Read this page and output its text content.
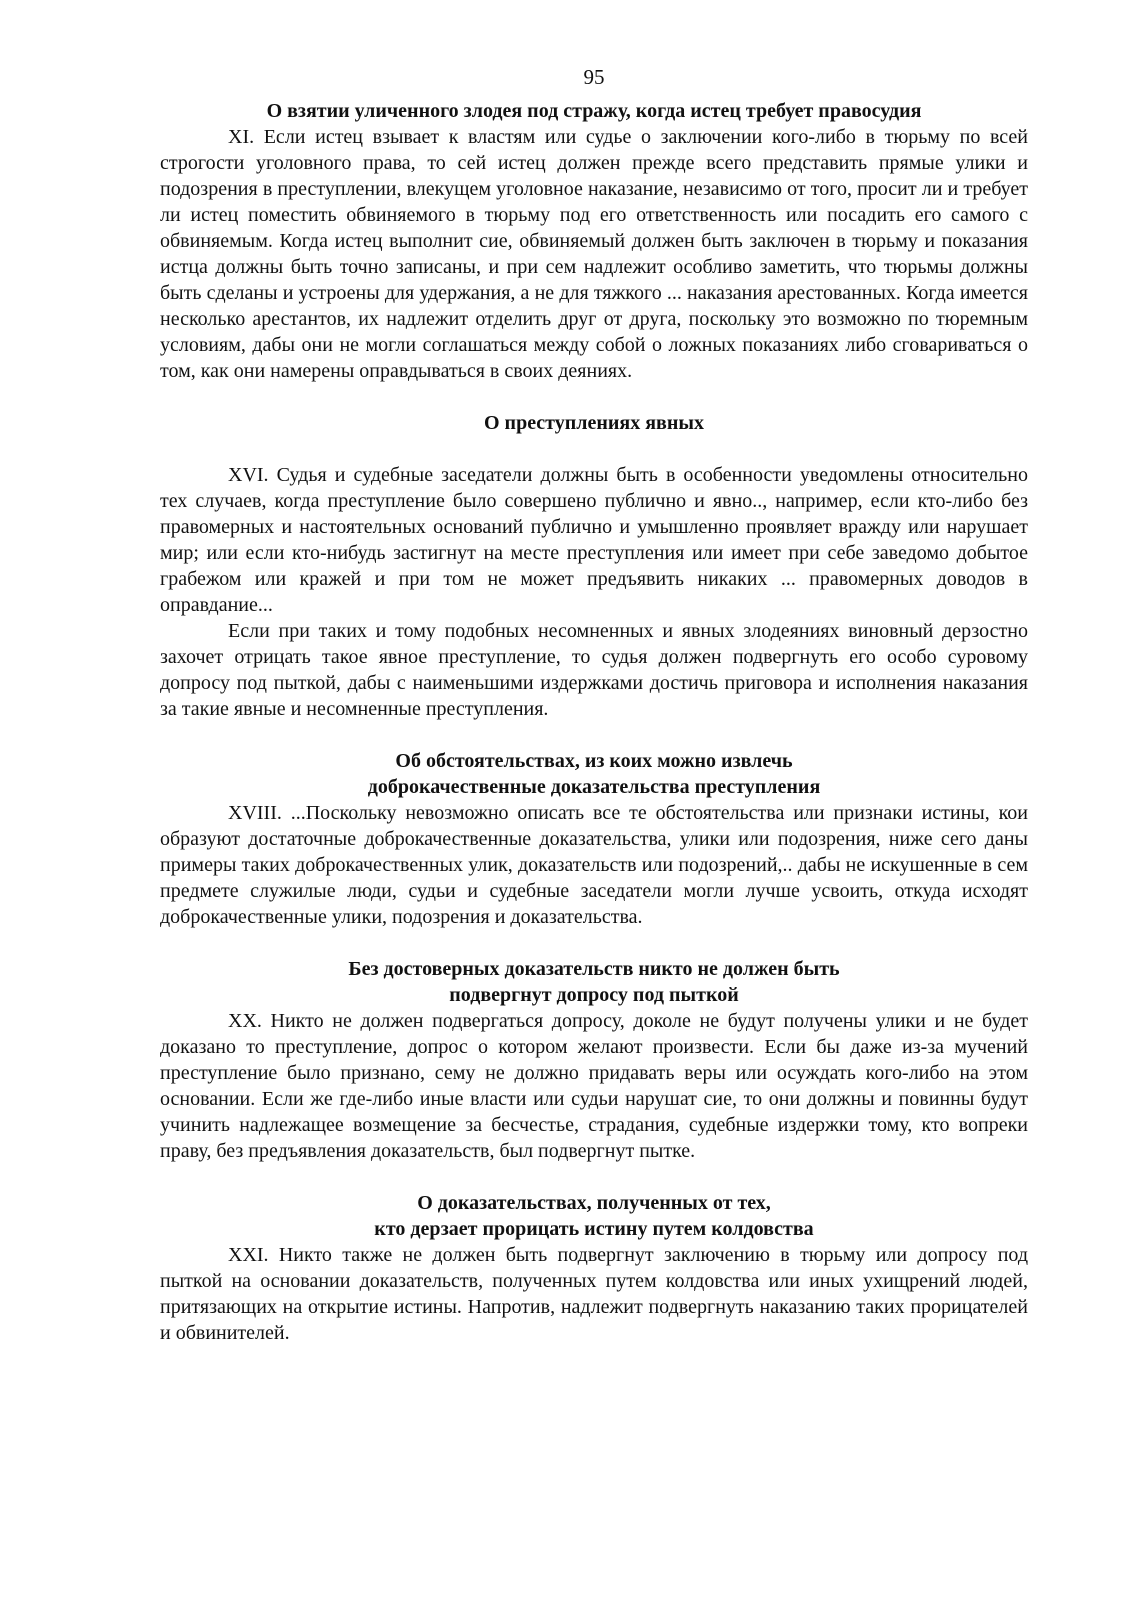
95
О взятии уличенного злодея под стражу, когда истец требует правосудия

XI. Если истец взывает к властям или судье о заключении кого-либо в тюрьму по всей строгости уголовного права, то сей истец должен прежде всего представить прямые улики и подозрения в преступлении, влекущем уголовное наказание, независимо от того, просит ли и требует ли истец поместить обвиняемого в тюрьму под его ответственность или посадить его самого с обвиняемым. Когда истец выполнит сие, обвиняемый должен быть заключен в тюрьму и показания истца должны быть точно записаны, и при сем надлежит особливо заметить, что тюрьмы должны быть сделаны и устроены для удержания, а не для тяжкого ... наказания арестованных. Когда имеется несколько арестантов, их надлежит отделить друг от друга, поскольку это возможно по тюремным условиям, дабы они не могли соглашаться между собой о ложных показаниях либо сговариваться о том, как они намерены оправдываться в своих деяниях.

О преступлениях явных

XVI. Судья и судебные заседатели должны быть в особенности уведомлены относительно тех случаев, когда преступление было совершено публично и явно.., например, если кто-либо без правомерных и настоятельных оснований публично и умышленно проявляет вражду или нарушает мир; или если кто-нибудь застигнут на месте преступления или имеет при себе заведомо добытое грабежом или кражей и при том не может предъявить никаких ... правомерных доводов в оправдание...

Если при таких и тому подобных несомненных и явных злодеяниях виновный дерзостно захочет отрицать такое явное преступление, то судья должен подвергнуть его особо суровому допросу под пыткой, дабы с наименьшими издержками достичь приговора и исполнения наказания за такие явные и несомненные преступления.

Об обстоятельствах, из коих можно извлечь
доброкачественные доказательства преступления

XVIII. ...Поскольку невозможно описать все те обстоятельства или признаки истины, кои образуют достаточные доброкачественные доказательства, улики или подозрения, ниже сего даны примеры таких доброкачественных улик, доказательств или подозрений,.. дабы не искушенные в сем предмете служилые люди, судьи и судебные заседатели могли лучше усвоить, откуда исходят доброкачественные улики, подозрения и доказательства.

Без достоверных доказательств никто не должен быть
подвергнут допросу под пыткой

XX. Никто не должен подвергаться допросу, доколе не будут получены улики и не будет доказано то преступление, допрос о котором желают произвести. Если бы даже из-за мучений преступление было признано, сему не должно придавать веры или осуждать кого-либо на этом основании. Если же где-либо иные власти или судьи нарушат сие, то они должны и повинны будут учинить надлежащее возмещение за бесчестье, страдания, судебные издержки тому, кто вопреки праву, без предъявления доказательств, был подвергнут пытке.

О доказательствах, полученных от тех,
кто дерзает прорицать истину путем колдовства

XXI. Никто также не должен быть подвергнут заключению в тюрьму или допросу под пыткой на основании доказательств, полученных путем колдовства или иных ухищрений людей, притязающих на открытие истины. Напротив, надлежит подвергнуть наказанию таких прорицателей и обвинителей.
